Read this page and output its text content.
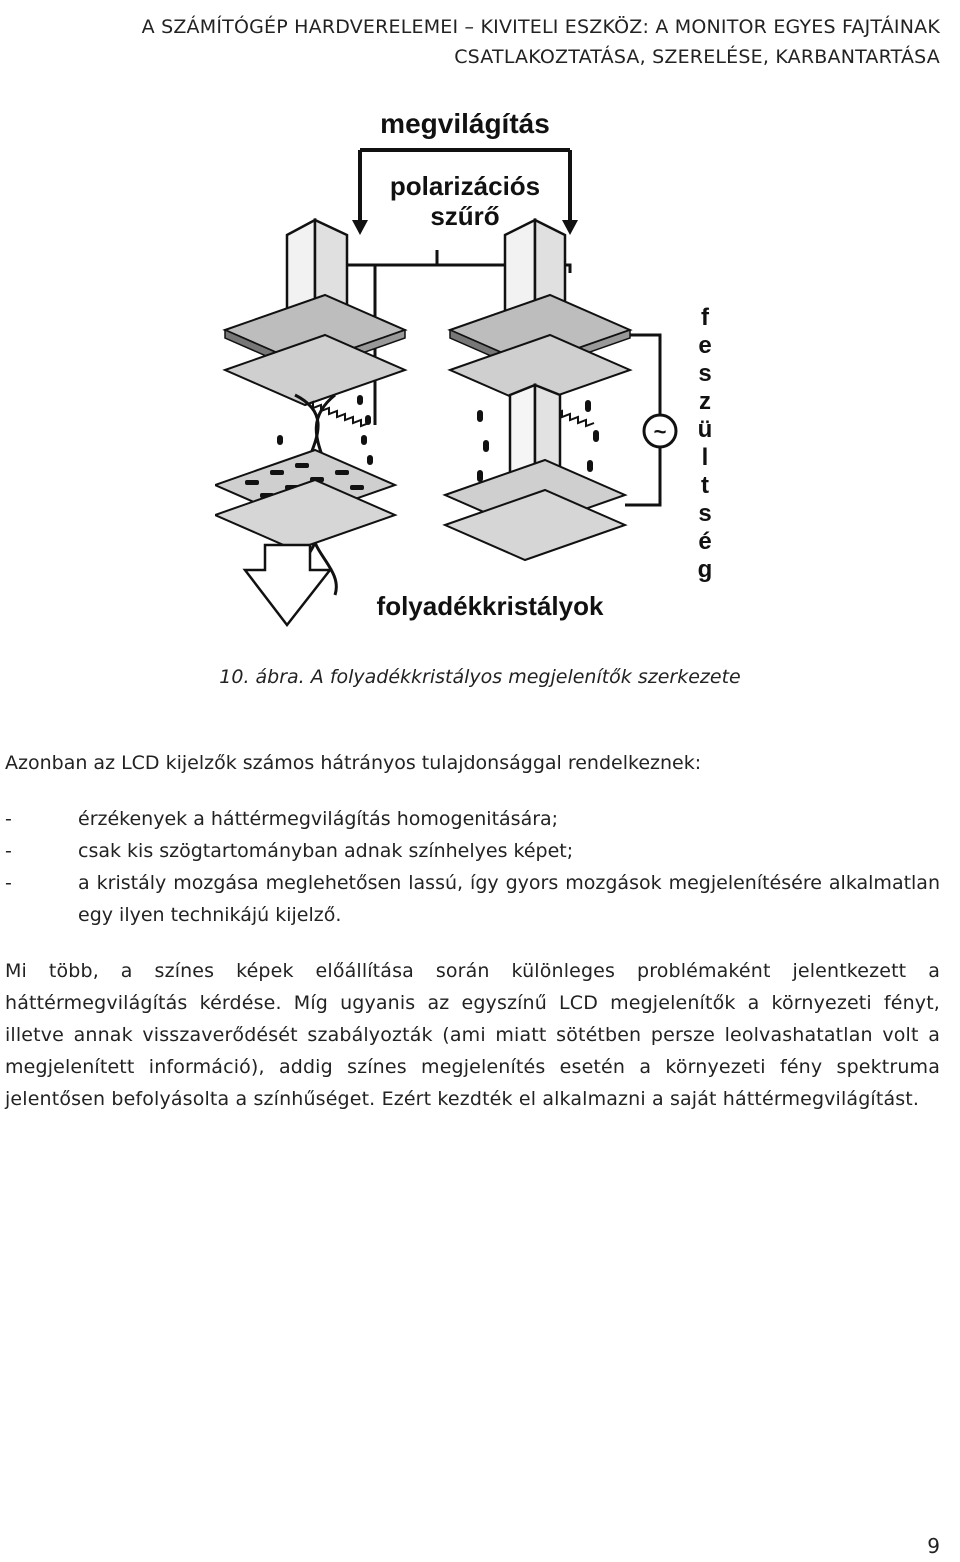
A SZÁMÍTÓGÉP HARDVERELEMEI – KIVITELI ESZKÖZ: A MONITOR EGYES FAJTÁINAK
CSATLAKOZTATÁSA, SZERELÉSE, KARBANTARTÁSA
megvilágítás
polarizációs
szűrő
~
f
e
s
z
ü
l
t
s
é
g
folyadékkristályok
10. ábra. A folyadékkristályos megjelenítők szerkezete
Azonban az LCD kijelzők számos hátrányos tulajdonsággal rendelkeznek:
-	érzékenyek a háttérmegvilágítás homogenitására;
-	csak kis szögtartományban adnak színhelyes képet;
-	a kristály mozgása meglehetősen lassú, így gyors mozgások megjelenítésére alkalmatlan egy ilyen technikájú kijelző.
Mi több, a színes képek előállítása során különleges problémaként jelentkezett a háttérmegvilágítás kérdése. Míg ugyanis az egyszínű LCD megjelenítők a környezeti fényt, illetve annak visszaverődését szabályozták (ami miatt sötétben persze leolvashatatlan volt a megjelenített információ), addig színes megjelenítés esetén a környezeti fény spektruma jelentősen befolyásolta a színhűséget. Ezért kezdték el alkalmazni a saját háttérmegvilágítást.
9
